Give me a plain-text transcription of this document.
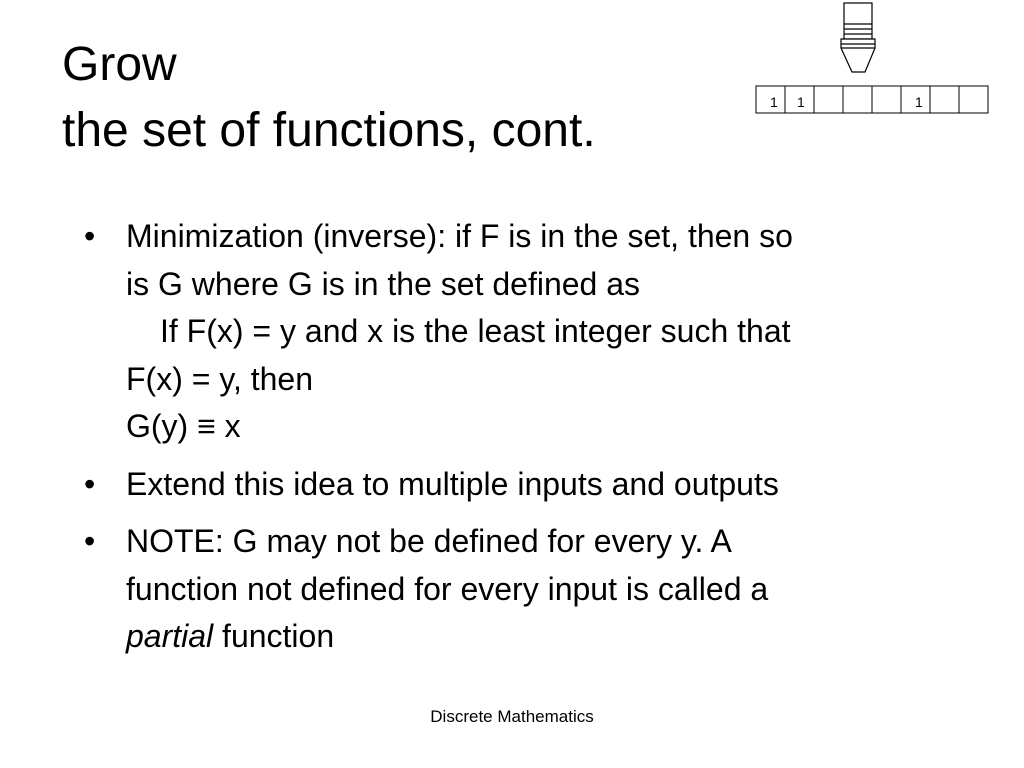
Grow
the set of functions, cont.
1 1	1
• Minimization (inverse): if F is in the set, then so
is G where G is in the set defined as
If F(x) = y and x is the least integer such that
F(x) = y, then
G(y) ≡ x
• Extend this idea to multiple inputs and outputs
• NOTE: G may not be defined for every y. A
function not defined for every input is called a
partial function
Discrete Mathematics
